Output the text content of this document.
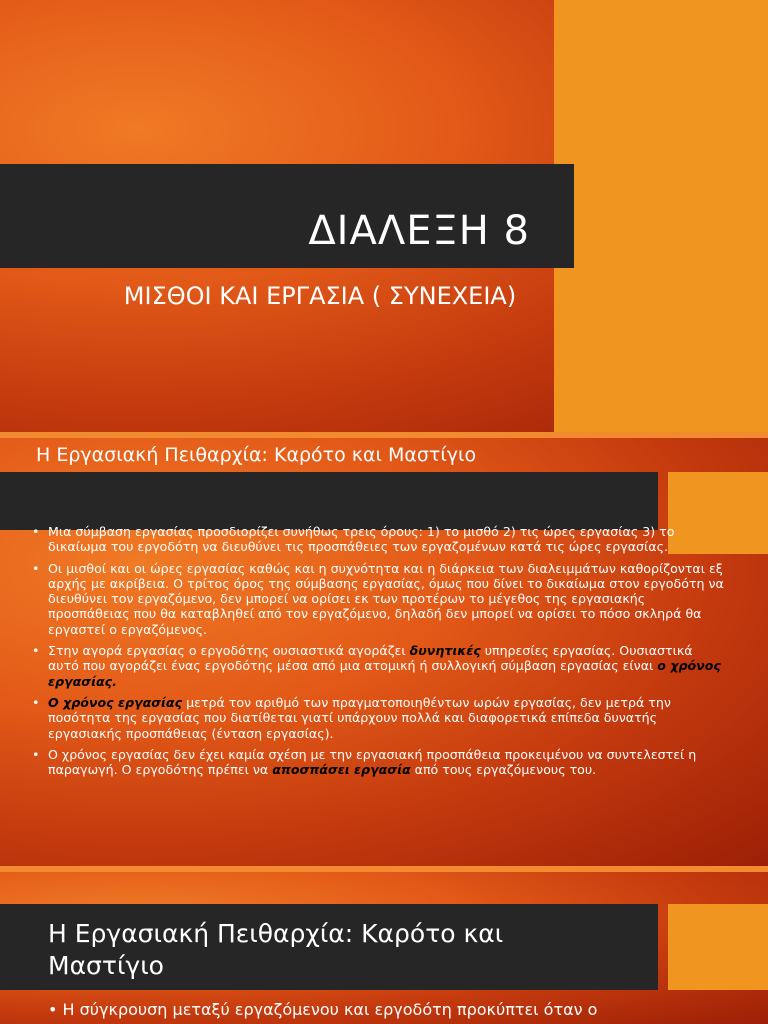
ΔΙΑΛΕΞΗ 8
ΜΙΣΘΟΙ ΚΑΙ ΕΡΓΑΣΙΑ ( ΣΥΝΕΧΕΙΑ)
Η Εργασιακή Πειθαρχία: Καρότο και Μαστίγιο
• Μια σύμβαση εργασίας προσδιορίζει συνήθως τρεις όρους: 1) το μισθό 2) τις ώρες εργασίας 3) το δικαίωμα του εργοδότη να διευθύνει τις προσπάθειες των εργαζομένων κατά τις ώρες εργασίας.
• Οι μισθοί και οι ώρες εργασίας καθώς και η συχνότητα και η διάρκεια των διαλειμμάτων καθορίζονται εξ αρχής με ακρίβεια. Ο τρίτος όρος της σύμβασης εργασίας, όμως που δίνει το δικαίωμα στον εργοδότη να διευθύνει τον εργαζόμενο, δεν μπορεί να ορίσει εκ των προτέρων το μέγεθος της εργασιακής προσπάθειας που θα καταβληθεί από τον εργαζόμενο, δηλαδή δεν μπορεί να ορίσει το πόσο σκληρά θα εργαστεί ο εργαζόμενος.
• Στην αγορά εργασίας ο εργοδότης ουσιαστικά αγοράζει δυνητικές υπηρεσίες εργασίας. Ουσιαστικά αυτό που αγοράζει ένας εργοδότης μέσα από μια ατομική ή συλλογική σύμβαση εργασίας είναι ο χρόνος εργασίας.
• Ο χρόνος εργασίας μετρά τον αριθμό των πραγματοποιηθέντων ωρών εργασίας, δεν μετρά την ποσότητα της εργασίας που διατίθεται γιατί υπάρχουν πολλά και διαφορετικά επίπεδα δυνατής εργασιακής προσπάθειας (ένταση εργασίας).
• Ο χρόνος εργασίας δεν έχει καμία σχέση με την εργασιακή προσπάθεια προκειμένου να συντελεστεί η παραγωγή. Ο εργοδότης πρέπει να αποσπάσει εργασία από τους εργαζόμενους του.
Η Εργασιακή Πειθαρχία: Καρότο και Μαστίγιο

• Η σύγκρουση μεταξύ εργαζόμενου και εργοδότη προκύπτει όταν ο
